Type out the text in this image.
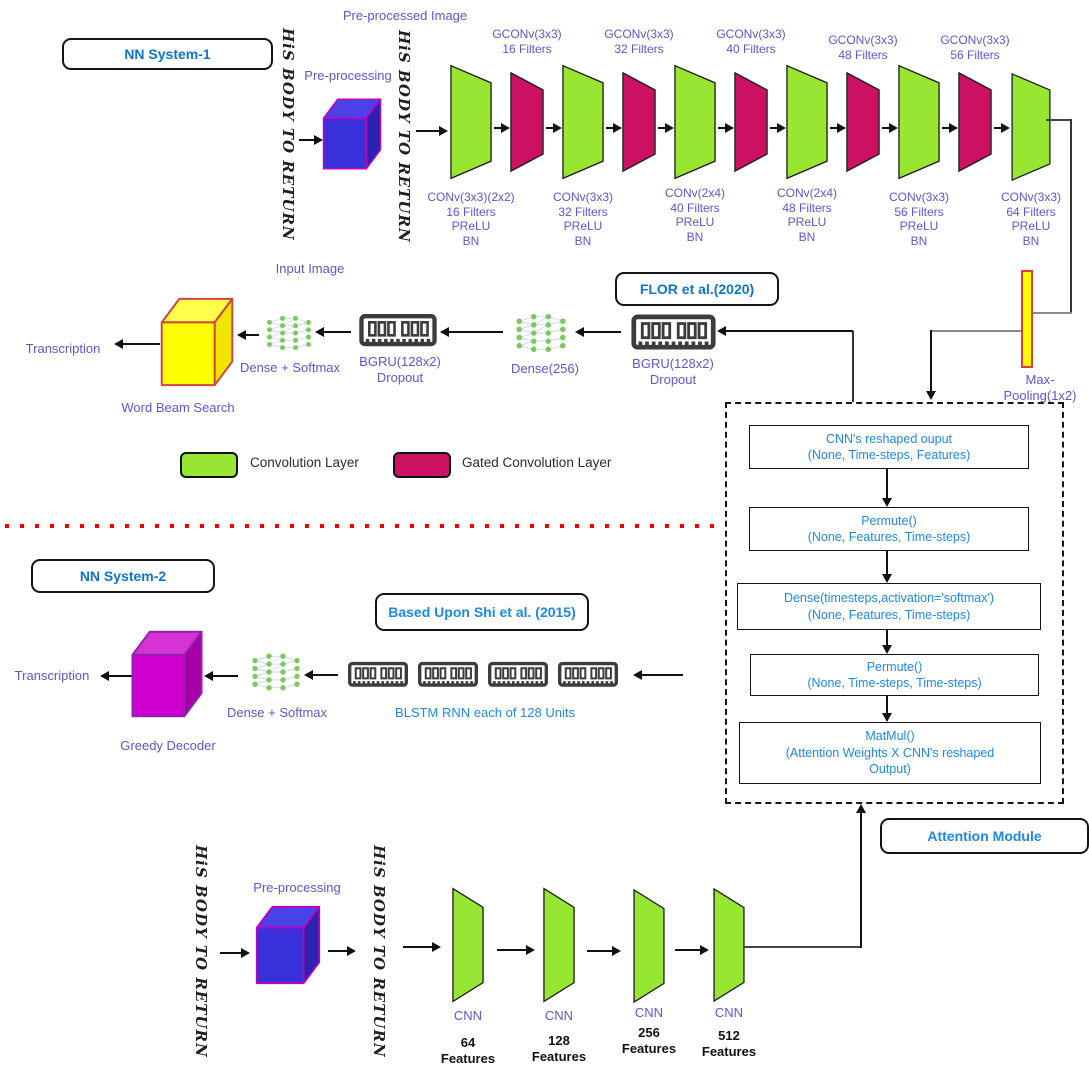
Pre-processed Image
NN System-1
Pre-processing
Input Image
HiS BODY TO RETURN	HiS BODY TO RETURN	GCONv(3x3)
16 Filters
GCONv(3x3)
32 Filters
GCONv(3x3)
40 Filters
GCONv(3x3)
48 Filters
GCONv(3x3)
56 Filters
CONv(3x3)(2x2)
16 Filters
PReLU
BN
CONv(3x3)
32 Filters
PReLU
BN
CONv(2x4)
40 Filters
PReLU
BN
CONv(2x4)
48 Filters
PReLU
BN
CONv(3x3)
56 Filters
PReLU
BN
CONv(3x3)
64 Filters
PReLU
BN
Max-
Pooling(1x2)
FLOR et al.(2020)
Transcription
Word Beam Search
Dense + Softmax	BGRU(128x2)
Dropout
Dense(256)	BGRU(128x2)
Dropout
Convolution Layer	Gated Convolution Layer
CNN's reshaped ouput
(None, Time-steps, Features)
Permute()
(None, Features, Time-steps)
Dense(timesteps,activation='softmax')
(None, Features, Time-steps)
Permute()
(None, Time-steps, Time-steps)
MatMul()
(Attention Weights X CNN's reshaped
Output)
Attention Module
NN System-2
Based Upon Shi et al. (2015)
Transcription
Greedy Decoder
Dense + Softmax	BLSTM RNN each of 128 Units
HiS BODY TO RETURN	Pre-processing	HiS BODY TO RETURN	CNN	CNN	CNN	CNN
64
Features
128
Features
256
Features
512
Features
